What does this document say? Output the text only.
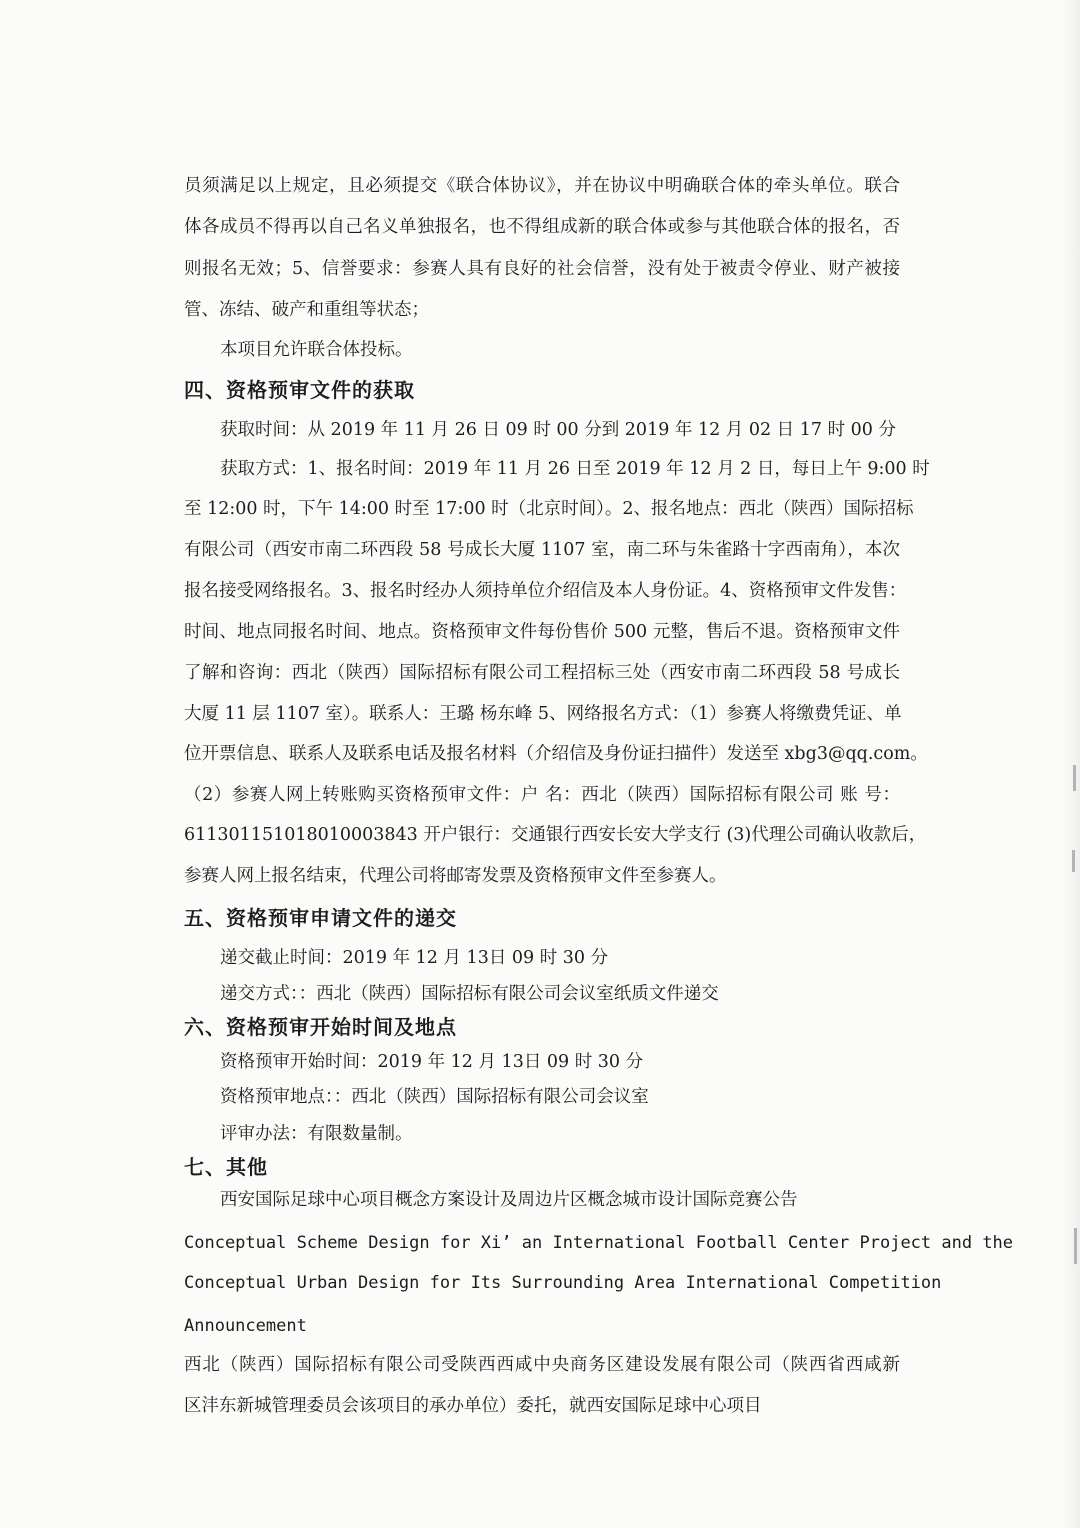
员须满足以上规定，且必须提交《联合体协议》，并在协议中明确联合体的牵头单位。联合
体各成员不得再以自己名义单独报名，也不得组成新的联合体或参与其他联合体的报名，否
则报名无效；5、信誉要求：参赛人具有良好的社会信誉，没有处于被责令停业、财产被接
管、冻结、破产和重组等状态；
本项目允许联合体投标。
四、资格预审文件的获取
获取时间：从 2019 年 11 月 26 日 09 时 00 分到 2019 年 12 月 02 日 17 时 00 分
获取方式：1、报名时间：2019 年 11 月 26 日至 2019 年 12 月 2 日，每日上午 9:00 时
至 12:00 时，下午 14:00 时至 17:00 时（北京时间）。2、报名地点：西北（陕西）国际招标
有限公司（西安市南二环西段 58 号成长大厦 1107 室，南二环与朱雀路十字西南角），本次
报名接受网络报名。3、报名时经办人须持单位介绍信及本人身份证。4、资格预审文件发售：
时间、地点同报名时间、地点。资格预审文件每份售价 500 元整，售后不退。资格预审文件
了解和咨询：西北（陕西）国际招标有限公司工程招标三处（西安市南二环西段 58 号成长
大厦 11 层 1107 室）。联系人：王璐 杨东峰 5、网络报名方式：（1）参赛人将缴费凭证、单
位开票信息、联系人及联系电话及报名材料（介绍信及身份证扫描件）发送至 xbg3@qq.com。
（2）参赛人网上转账购买资格预审文件：户 名：西北（陕西）国际招标有限公司 账 号：
611301151018010003843 开户银行：交通银行西安长安大学支行 (3)代理公司确认收款后，
参赛人网上报名结束，代理公司将邮寄发票及资格预审文件至参赛人。
五、资格预审申请文件的递交
递交截止时间：2019 年 12 月 13日 09 时 30 分
递交方式：：西北（陕西）国际招标有限公司会议室纸质文件递交
六、资格预审开始时间及地点
资格预审开始时间：2019 年 12 月 13日 09 时 30 分
资格预审地点：：西北（陕西）国际招标有限公司会议室
评审办法：有限数量制。
七、其他
西安国际足球中心项目概念方案设计及周边片区概念城市设计国际竞赛公告
Conceptual Scheme Design for Xi’ an International Football Center Project and the
Conceptual Urban Design for Its Surrounding Area International Competition
Announcement
西北（陕西）国际招标有限公司受陕西西咸中央商务区建设发展有限公司（陕西省西咸新
区沣东新城管理委员会该项目的承办单位）委托，就西安国际足球中心项目
